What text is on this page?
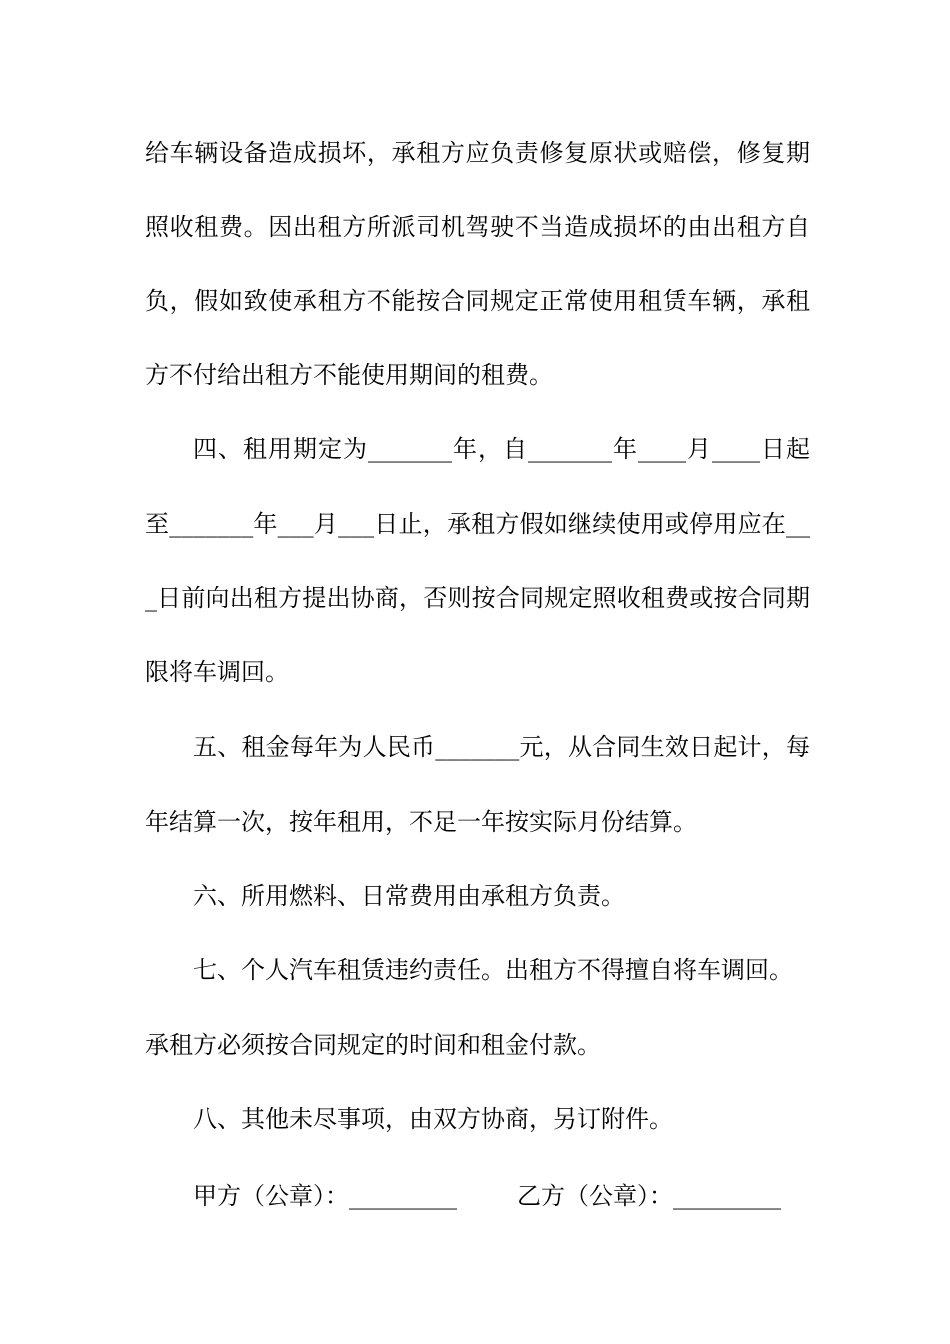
给车辆设备造成损坏，承租方应负责修复原状或赔偿，修复期
照收租费。因出租方所派司机驾驶不当造成损坏的由出租方自
负，假如致使承租方不能按合同规定正常使用租赁车辆，承租
方不付给出租方不能使用期间的租费。
四、租用期定为_______年，自_______年____月____日起
至_______年___月___日止，承租方假如继续使用或停用应在__
_日前向出租方提出协商，否则按合同规定照收租费或按合同期
限将车调回。
五、租金每年为人民币_______元，从合同生效日起计，每
年结算一次，按年租用，不足一年按实际月份结算。
六、所用燃料、日常费用由承租方负责。
七、个人汽车租赁违约责任。出租方不得擅自将车调回。
承租方必须按合同规定的时间和租金付款。
八、其他未尽事项，由双方协商，另订附件。
甲方（公章）：_________	乙方（公章）：_________
